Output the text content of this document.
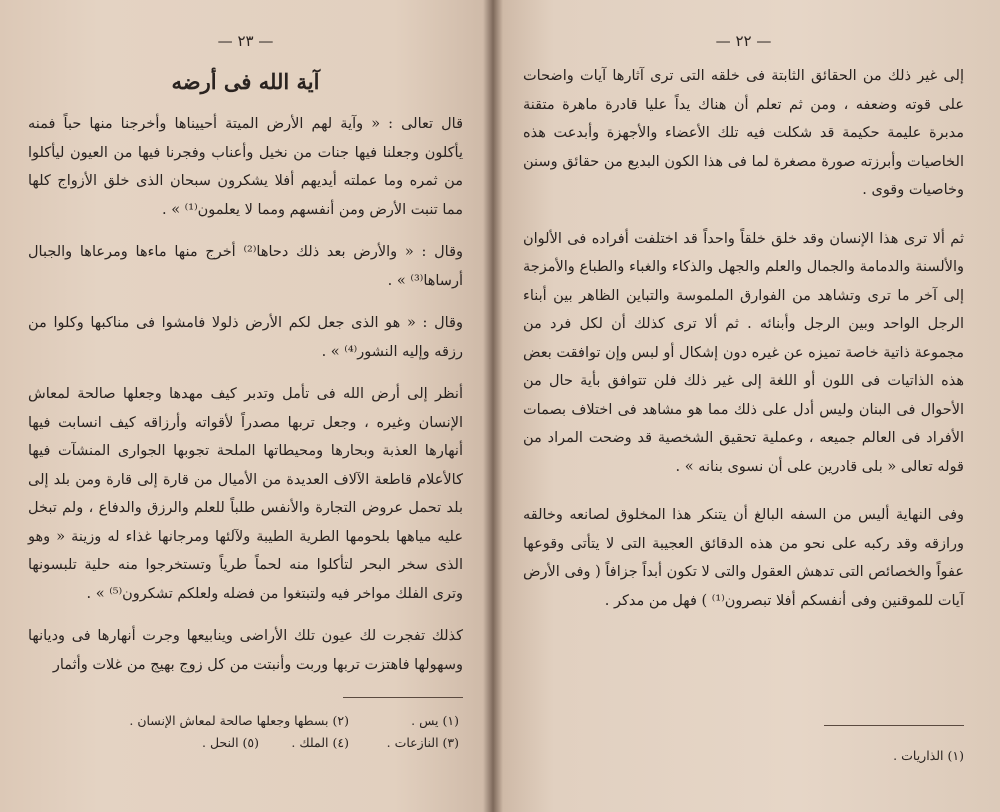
— ٢٣ —
آية الله فى أرضه

قال تعالى : « وآية لهم الأرض الميتة أحييناها وأخرجنا منها حباً فمنه يأكلون وجعلنا فيها جنات من نخيل وأعناب وفجرنا فيها من العيون ليأكلوا من ثمره وما عملته أيديهم أفلا يشكرون سبحان الذى خلق الأزواج كلها مما تنبت الأرض ومن أنفسهم ومما لا يعلمون⁽¹⁾ » .

وقال : « والأرض بعد ذلك دحاها⁽²⁾ أخرج منها ماءها ومرعاها والجبال أرساها⁽³⁾ » .

وقال : « هو الذى جعل لكم الأرض ذلولا فامشوا فى مناكبها وكلوا من رزقه وإليه النشور⁽⁴⁾ » .

أنظر إلى أرض الله فى تأمل وتدبر كيف مهدها وجعلها صالحة لمعاش الإنسان وغيره ، وجعل تربها مصدراً لأقواته وأرزاقه كيف انسابت فيها أنهارها العذبة وبحارها ومحيطاتها الملحة تجوبها الجوارى المنشآت فيها كالأعلام قاطعة الآلاف العديدة من الأميال من قارة إلى قارة ومن بلد إلى بلد تحمل عروض التجارة والأنفس طلباً للعلم والرزق والدفاع ، ولم تبخل عليه مياهها بلحومها الطرية الطيبة ولآلئها ومرجانها غذاء له وزينة « وهو الذى سخر البحر لتأكلوا منه لحماً طرياً وتستخرجوا منه حلية تلبسونها وترى الفلك مواخر فيه ولتبتغوا من فضله ولعلكم تشكرون⁽⁵⁾ » .

كذلك تفجرت لك عيون تلك الأراضى وينابيعها وجرت أنهارها فى وديانها وسهولها فاهتزت تربها وربت وأنبتت من كل زوج بهيج من غلات وأثمار

(١) يس .
(٢) بسطها وجعلها صالحة لمعاش الإنسان .
(٣) النازعات .
(٤) الملك .
(٥) النحل .
— ٢٢ —

إلى غير ذلك من الحقائق الثابتة فى خلقه التى ترى آثارها آيات واضحات على قوته وضعفه ، ومن ثم تعلم أن هناك يداً عليا قادرة ماهرة متقنة مدبرة عليمة حكيمة قد شكلت فيه تلك الأعضاء والأجهزة وأبدعت هذه الخاصيات وأبرزته صورة مصغرة لما فى هذا الكون البديع من حقائق وسنن وخاصيات وقوى .

ثم ألا ترى هذا الإنسان وقد خلق خلقاً واحداً قد اختلفت أفراده فى الألوان والألسنة والدمامة والجمال والعلم والجهل والذكاء والغباء والطباع والأمزجة إلى آخر ما ترى وتشاهد من الفوارق الملموسة والتباين الظاهر بين أبناء الرجل الواحد وبين الرجل وأبنائه . ثم ألا ترى كذلك أن لكل فرد من مجموعة ذاتية خاصة تميزه عن غيره دون إشكال أو لبس وإن توافقت بعض هذه الذاتيات فى اللون أو اللغة إلى غير ذلك فلن تتوافق بأية حال من الأحوال فى البنان وليس أدل على ذلك مما هو مشاهد فى اختلاف بصمات الأفراد فى العالم جميعه ، وعملية تحقيق الشخصية قد وضحت المراد من قوله تعالى « بلى قادرين على أن نسوى بنانه » .

وفى النهاية أليس من السفه البالغ أن يتنكر هذا المخلوق لصانعه وخالقه ورازقه وقد ركبه على نحو من هذه الدقائق العجيبة التى لا يتأتى وقوعها عفواً والخصائص التى تدهش العقول والتى لا تكون أبداً جزافاً ( وفى الأرض آيات للموقنين وفى أنفسكم أفلا تبصرون⁽¹⁾ ) فهل من مدكر .

(١) الذاريات .
